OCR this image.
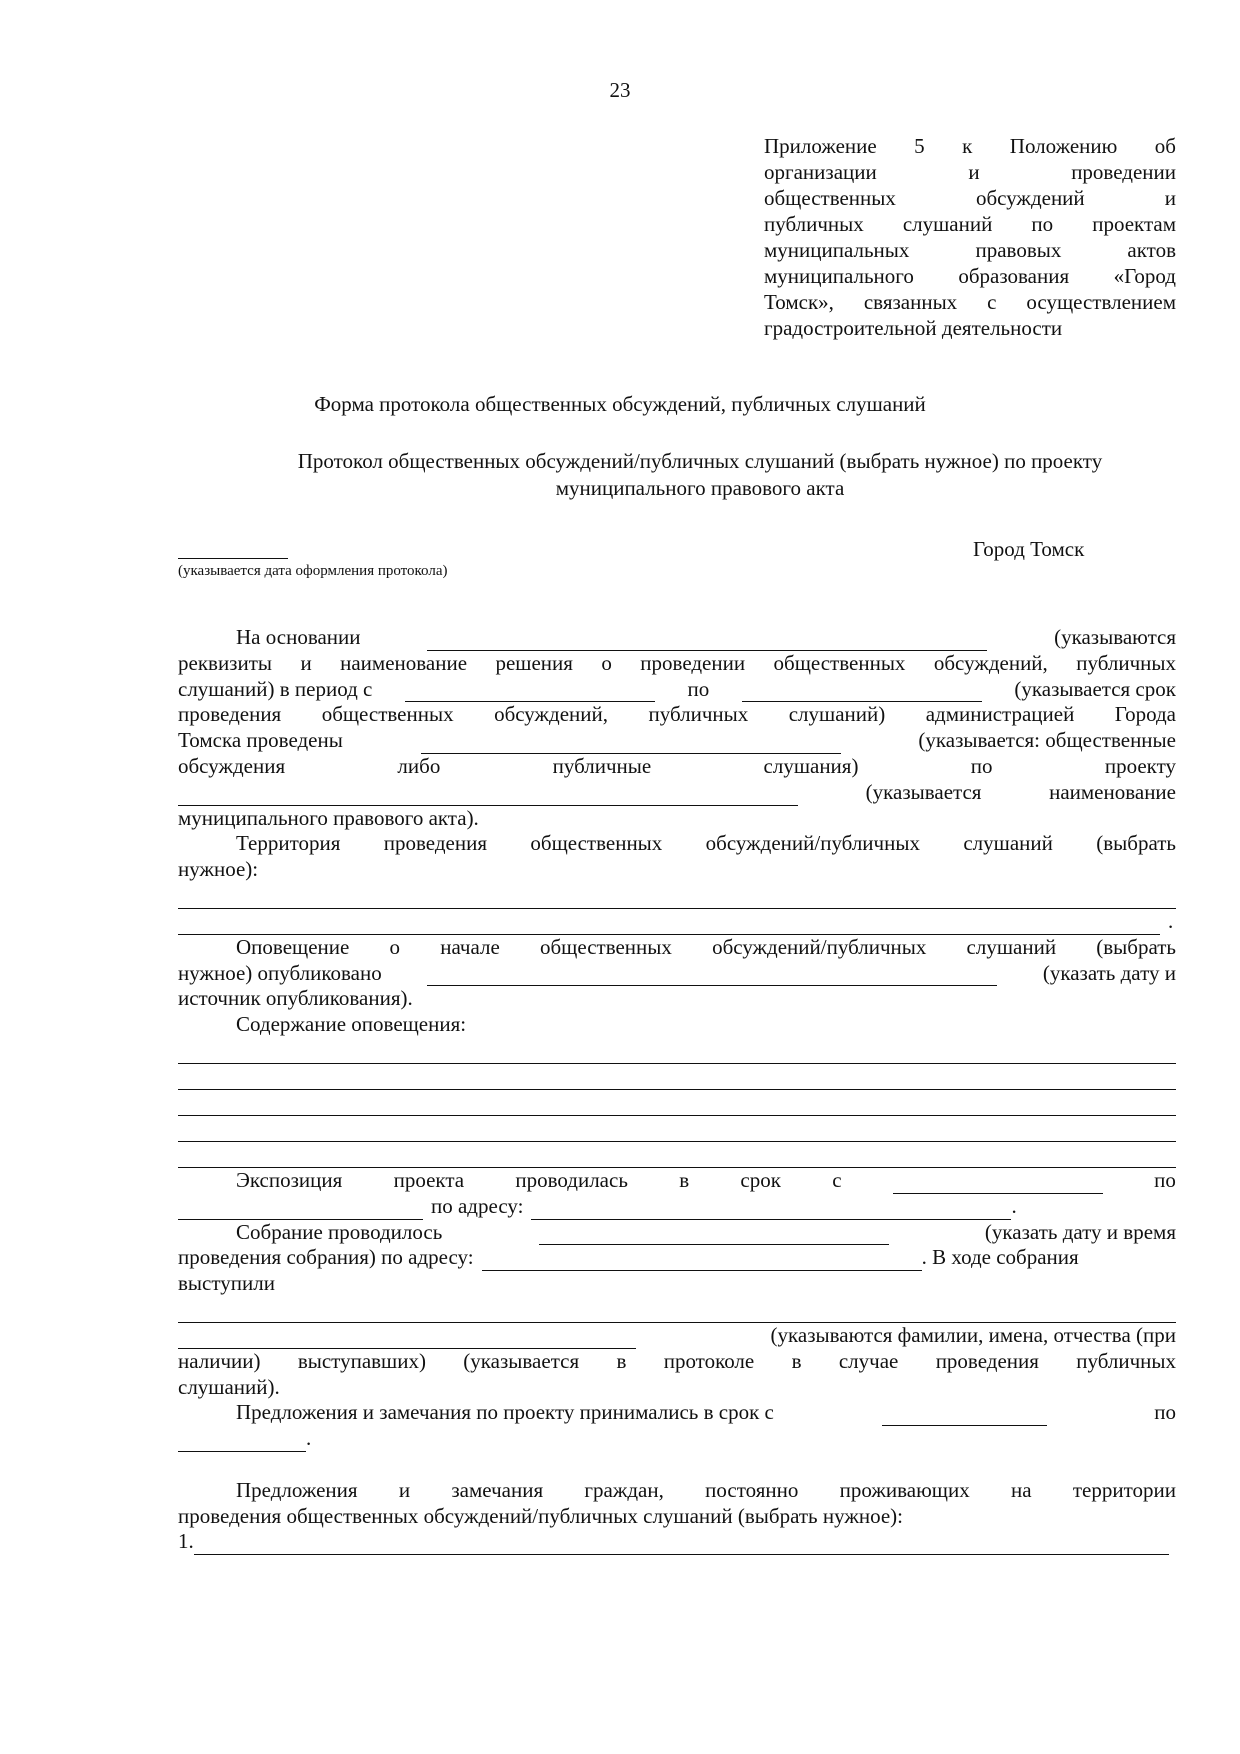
23
Приложение 5 к Положению об
организации и проведении
общественных обсуждений и
публичных слушаний по проектам
муниципальных правовых актов
муниципального образования «Город
Томск», связанных с осуществлением
градостроительной деятельности
Форма протокола общественных обсуждений, публичных слушаний
Протокол общественных обсуждений/публичных слушаний (выбрать нужное) по проекту муниципального правового акта
(указывается дата оформления протокола)
Город Томск
На основании	(указываются
реквизиты и наименование решения о проведении общественных обсуждений, публичных
слушаний) в период с	по	(указывается срок
проведения общественных обсуждений, публичных слушаний) администрацией Города
Томска проведены	(указывается: общественные
обсуждения	либо	публичные	слушания)	по	проекту
(указывается	наименование
муниципального правового акта).
Территория проведения общественных обсуждений/публичных слушаний (выбрать
нужное):
.
Оповещение о начале общественных обсуждений/публичных слушаний (выбрать
нужное) опубликовано	(указать дату и
источник опубликования).
Содержание оповещения:
Экспозиция проекта проводилась в срок с	по
по адресу:	.
Собрание проводилось	(указать дату и время
проведения собрания) по адресу:	. В ходе собрания
выступили
(указываются фамилии, имена, отчества (при
наличии) выступавших) (указывается в протоколе в случае проведения публичных
слушаний).
Предложения и замечания по проекту принимались в срок с	по
.
Предложения и замечания граждан, постоянно проживающих на территории
проведения общественных обсуждений/публичных слушаний (выбрать нужное):
1.
